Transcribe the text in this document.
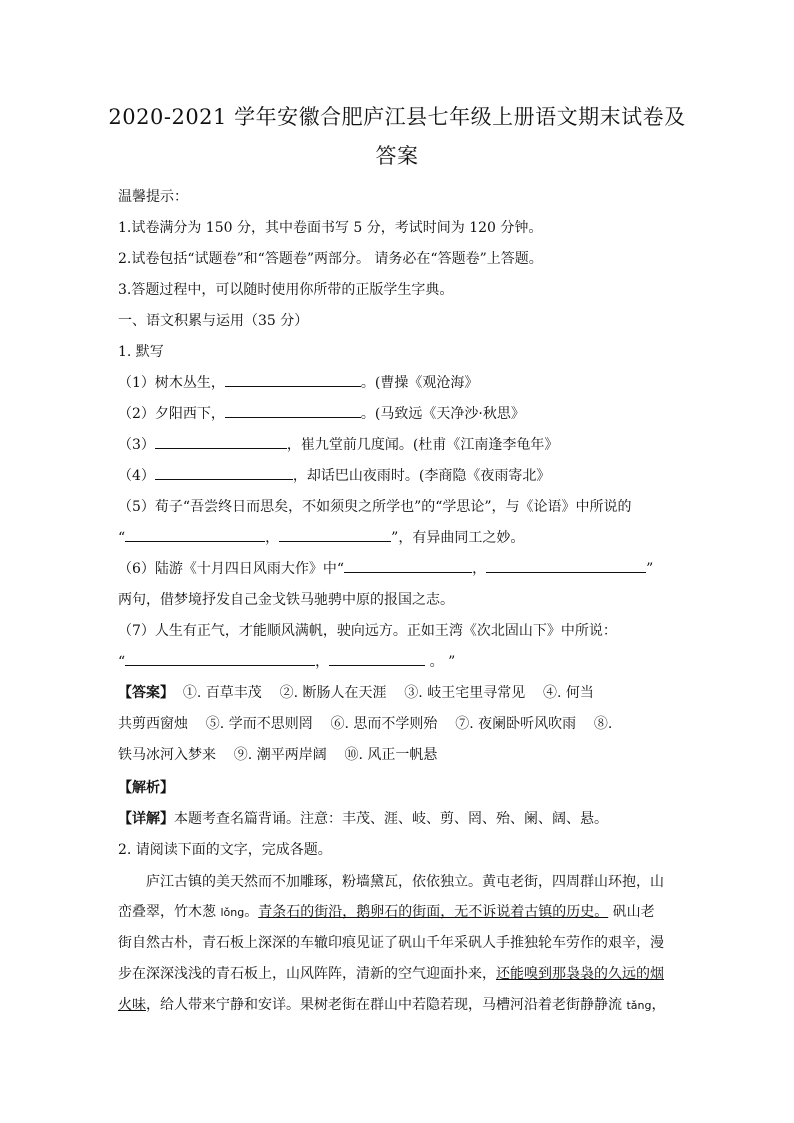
2020-2021 学年安徽合肥庐江县七年级上册语文期末试卷及
答案
温馨提示：
1.试卷满分为 150 分，其中卷面书写 5 分，考试时间为 120 分钟。
2.试卷包括“试题卷”和“答题卷”两部分。 请务必在“答题卷”上答题。
3.答题过程中，可以随时使用你所带的正版学生字典。
一、语文积累与运用（35 分）
1. 默写
（1）树木丛生，	。(曹操《观沧海》
（2）夕阳西下，	。(马致远《天净沙·秋思》
（3）	，崔九堂前几度闻。(杜甫《江南逢李龟年》
（4）	，却话巴山夜雨时。(李商隐《夜雨寄北》
（5）荀子“吾尝终日而思矣，不如须臾之所学也”的“学思论”，与《论语》中所说的
“	，	”，有异曲同工之妙。
（6）陆游《十月四日风雨大作》中“	，	”
两句，借梦境抒发自己金戈铁马驰骋中原的报国之志。
（7）人生有正气，才能顺风满帆，驶向远方。正如王湾《次北固山下》中所说：
“	，	。 ”
【答案】  ①. 百草丰茂    ②. 断肠人在天涯    ③. 岐王宅里寻常见    ④. 何当
共剪西窗烛    ⑤. 学而不思则罔    ⑥. 思而不学则殆    ⑦. 夜阑卧听风吹雨    ⑧.
铁马冰河入梦来    ⑨. 潮平两岸阔    ⑩. 风正一帆悬
【解析】
【详解】本题考查名篇背诵。注意：丰茂、涯、岐、剪、罔、殆、阑、阔、悬。
2. 请阅读下面的文字，完成各题。
庐江古镇的美天然而不加雕琢，粉墙黛瓦，依依独立。黄屯老街，四周群山环抱，山
峦叠翠，竹木葱 lǒng。青条石的街沿，鹅卵石的街面，无不诉说着古镇的历史。 矾山老
街自然古朴，青石板上深深的车辙印痕见证了矾山千年采矾人手推独轮车劳作的艰辛，漫
步在深深浅浅的青石板上，山风阵阵，清新的空气迎面扑来，还能嗅到那袅袅的久远的烟
火味，给人带来宁静和安详。果树老街在群山中若隐若现，马槽河沿着老街静静流 tǎng，
